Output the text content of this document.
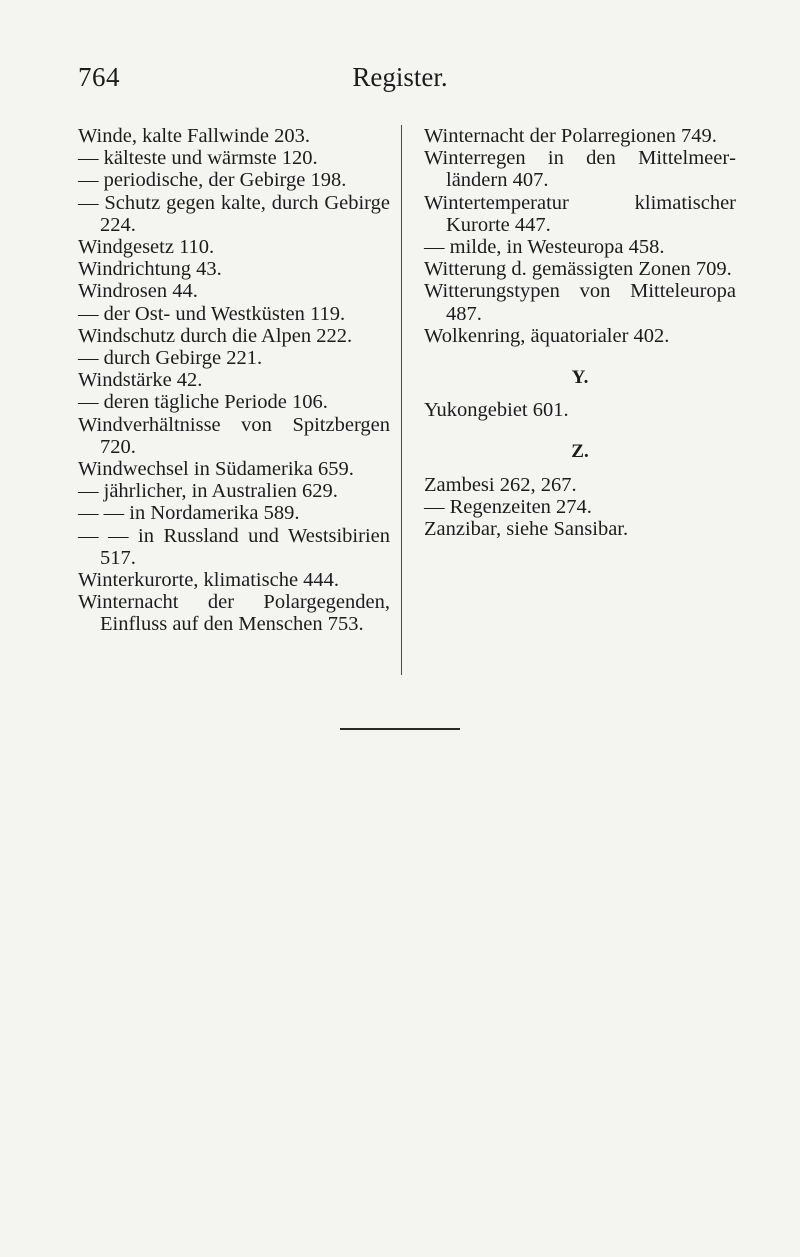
764	Register.
Winde, kalte Fallwinde 203.
— kälteste und wärmste 120.
— periodische, der Gebirge 198.
— Schutz gegen kalte, durch Gebirge 224.
Windgesetz 110.
Windrichtung 43.
Windrosen 44.
— der Ost- und Westküsten 119.
Windschutz durch die Alpen 222.
— durch Gebirge 221.
Windstärke 42.
— deren tägliche Periode 106.
Windverhältnisse von Spitzbergen 720.
Windwechsel in Südamerika 659.
— jährlicher, in Australien 629.
— — in Nordamerika 589.
— — in Russland und Westsibirien 517.
Winterkurorte, klimatische 444.
Winternacht der Polargegenden, Einfluss auf den Menschen 753.
Winternacht der Polarregionen 749.
Winterregen in den Mittelmeerländern 407.
Wintertemperatur klimatischer Kurorte 447.
— milde, in Westeuropa 458.
Witterung d. gemässigten Zonen 709.
Witterungstypen von Mitteleuropa 487.
Wolkenring, äquatorialer 402.
Y.
Yukongebiet 601.
Z.
Zambesi 262, 267.
— Regenzeiten 274.
Zanzibar, siehe Sansibar.
